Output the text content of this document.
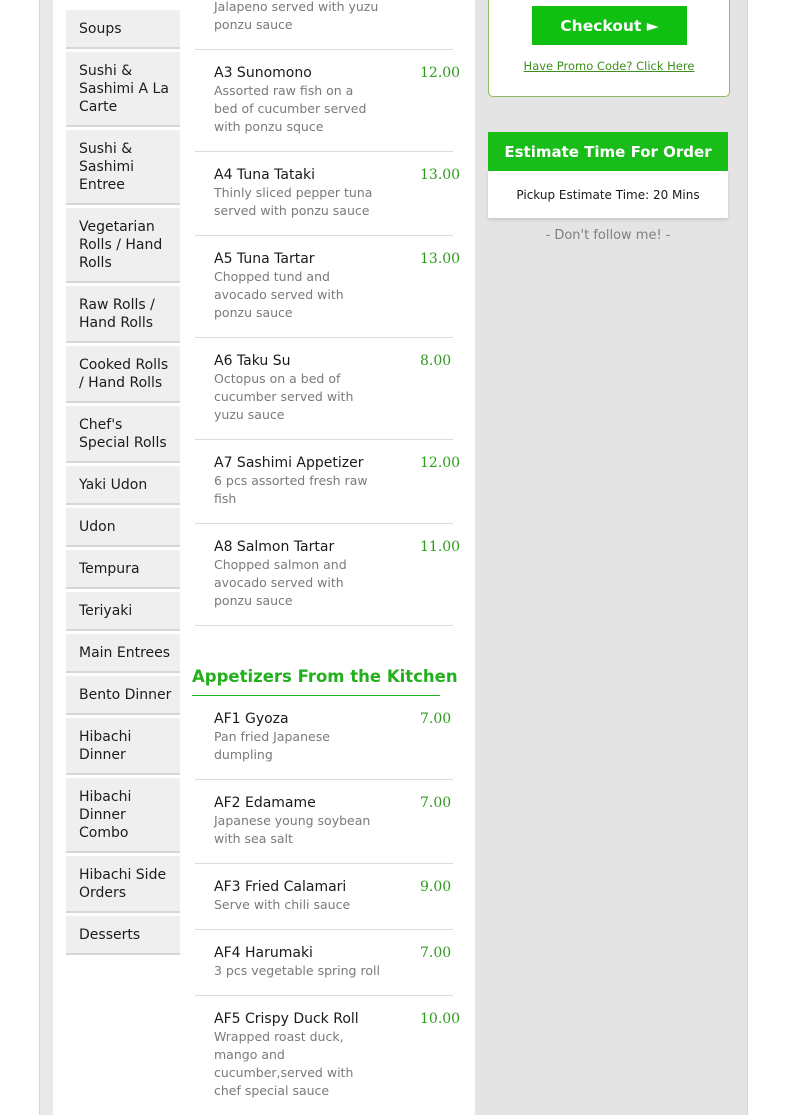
Soups
Sushi & Sashimi A La Carte
Sushi & Sashimi Entree
Vegetarian Rolls / Hand Rolls
Raw Rolls / Hand Rolls
Cooked Rolls / Hand Rolls
Chef's Special Rolls
Yaki Udon
Udon
Tempura
Teriyaki
Main Entrees
Bento Dinner
Hibachi Dinner
Hibachi Dinner Combo
Hibachi Side Orders
Desserts
Jalapeno served with yuzu ponzu sauce
A3 Sunomono
Assorted raw fish on a bed of cucumber served with ponzu squce
12.00
A4 Tuna Tataki
Thinly sliced pepper tuna served with ponzu sauce
13.00
A5 Tuna Tartar
Chopped tund and avocado served with ponzu sauce
13.00
A6 Taku Su
Octopus on a bed of cucumber served with yuzu sauce
8.00
A7 Sashimi Appetizer
6 pcs assorted fresh raw fish
12.00
A8 Salmon Tartar
Chopped salmon and avocado served with ponzu sauce
11.00
Appetizers From the Kitchen
AF1 Gyoza
Pan fried Japanese dumpling
7.00
AF2 Edamame
Japanese young soybean with sea salt
7.00
AF3 Fried Calamari
Serve with chili sauce
9.00
AF4 Harumaki
3 pcs vegetable spring roll
7.00
AF5 Crispy Duck Roll
Wrapped roast duck, mango and cucumber,served with chef special sauce
10.00
Checkout ►
Have Promo Code? Click Here
Estimate Time For Order
Pickup Estimate Time: 20 Mins
- Don't follow me! -
